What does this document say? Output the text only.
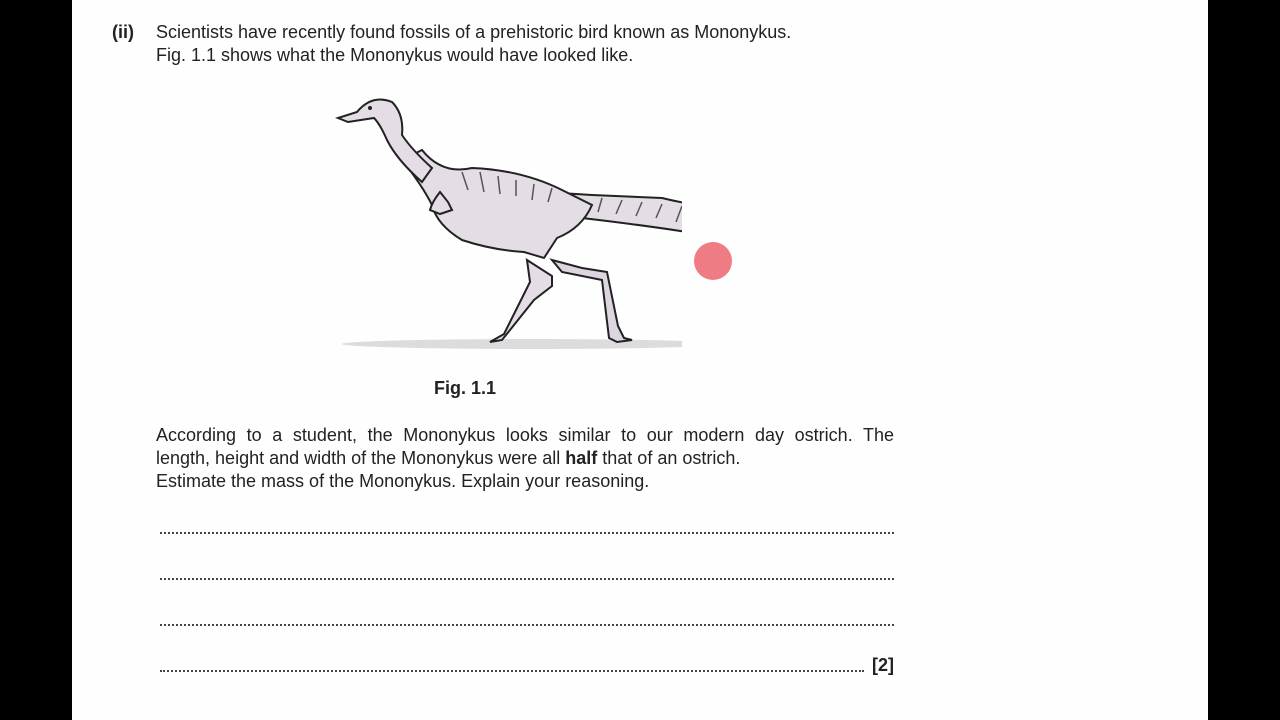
(ii) Scientists have recently found fossils of a prehistoric bird known as Mononykus.
Fig. 1.1 shows what the Mononykus would have looked like.
Fig. 1.1
According to a student, the Mononykus looks similar to our modern day ostrich. The
length, height and width of the Mononykus were all half that of an ostrich.
Estimate the mass of the Mononykus. Explain your reasoning.
[2]
